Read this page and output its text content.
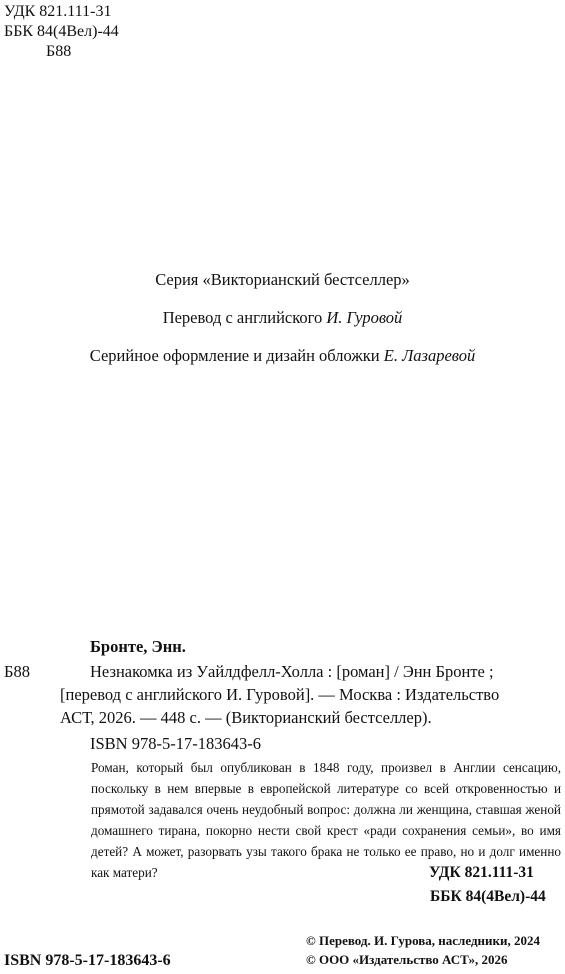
УДК 821.111-31
ББК 84(4Вел)-44
Б88
Серия «Викторианский бестселлер»
Перевод с английского И. Гуровой
Серийное оформление и дизайн обложки Е. Лазаревой
Бронте, Энн.
Б88	Незнакомка из Уайлдфелл-Холла : [роман] / Энн Бронте ;
[перевод с английского И. Гуровой]. — Москва : Издательство
АСТ, 2026. — 448 с. — (Викторианский бестселлер).
ISBN 978-5-17-183643-6
Роман, который был опубликован в 1848 году, произвел в Англии сенсацию, поскольку в нем впервые в европейской литературе со всей откровенностью и прямотой задавался очень неудобный вопрос: должна ли женщина, ставшая женой домашнего тирана, покорно нести свой крест «ради сохранения семьи», во имя детей? А может, разорвать узы такого брака не только ее право, но и долг именно как матери?	УДК 821.111-31
ББК 84(4Вел)-44
ISBN 978-5-17-183643-6
© Перевод. И. Гурова, наследники, 2024
© ООО «Издательство АСТ», 2026
